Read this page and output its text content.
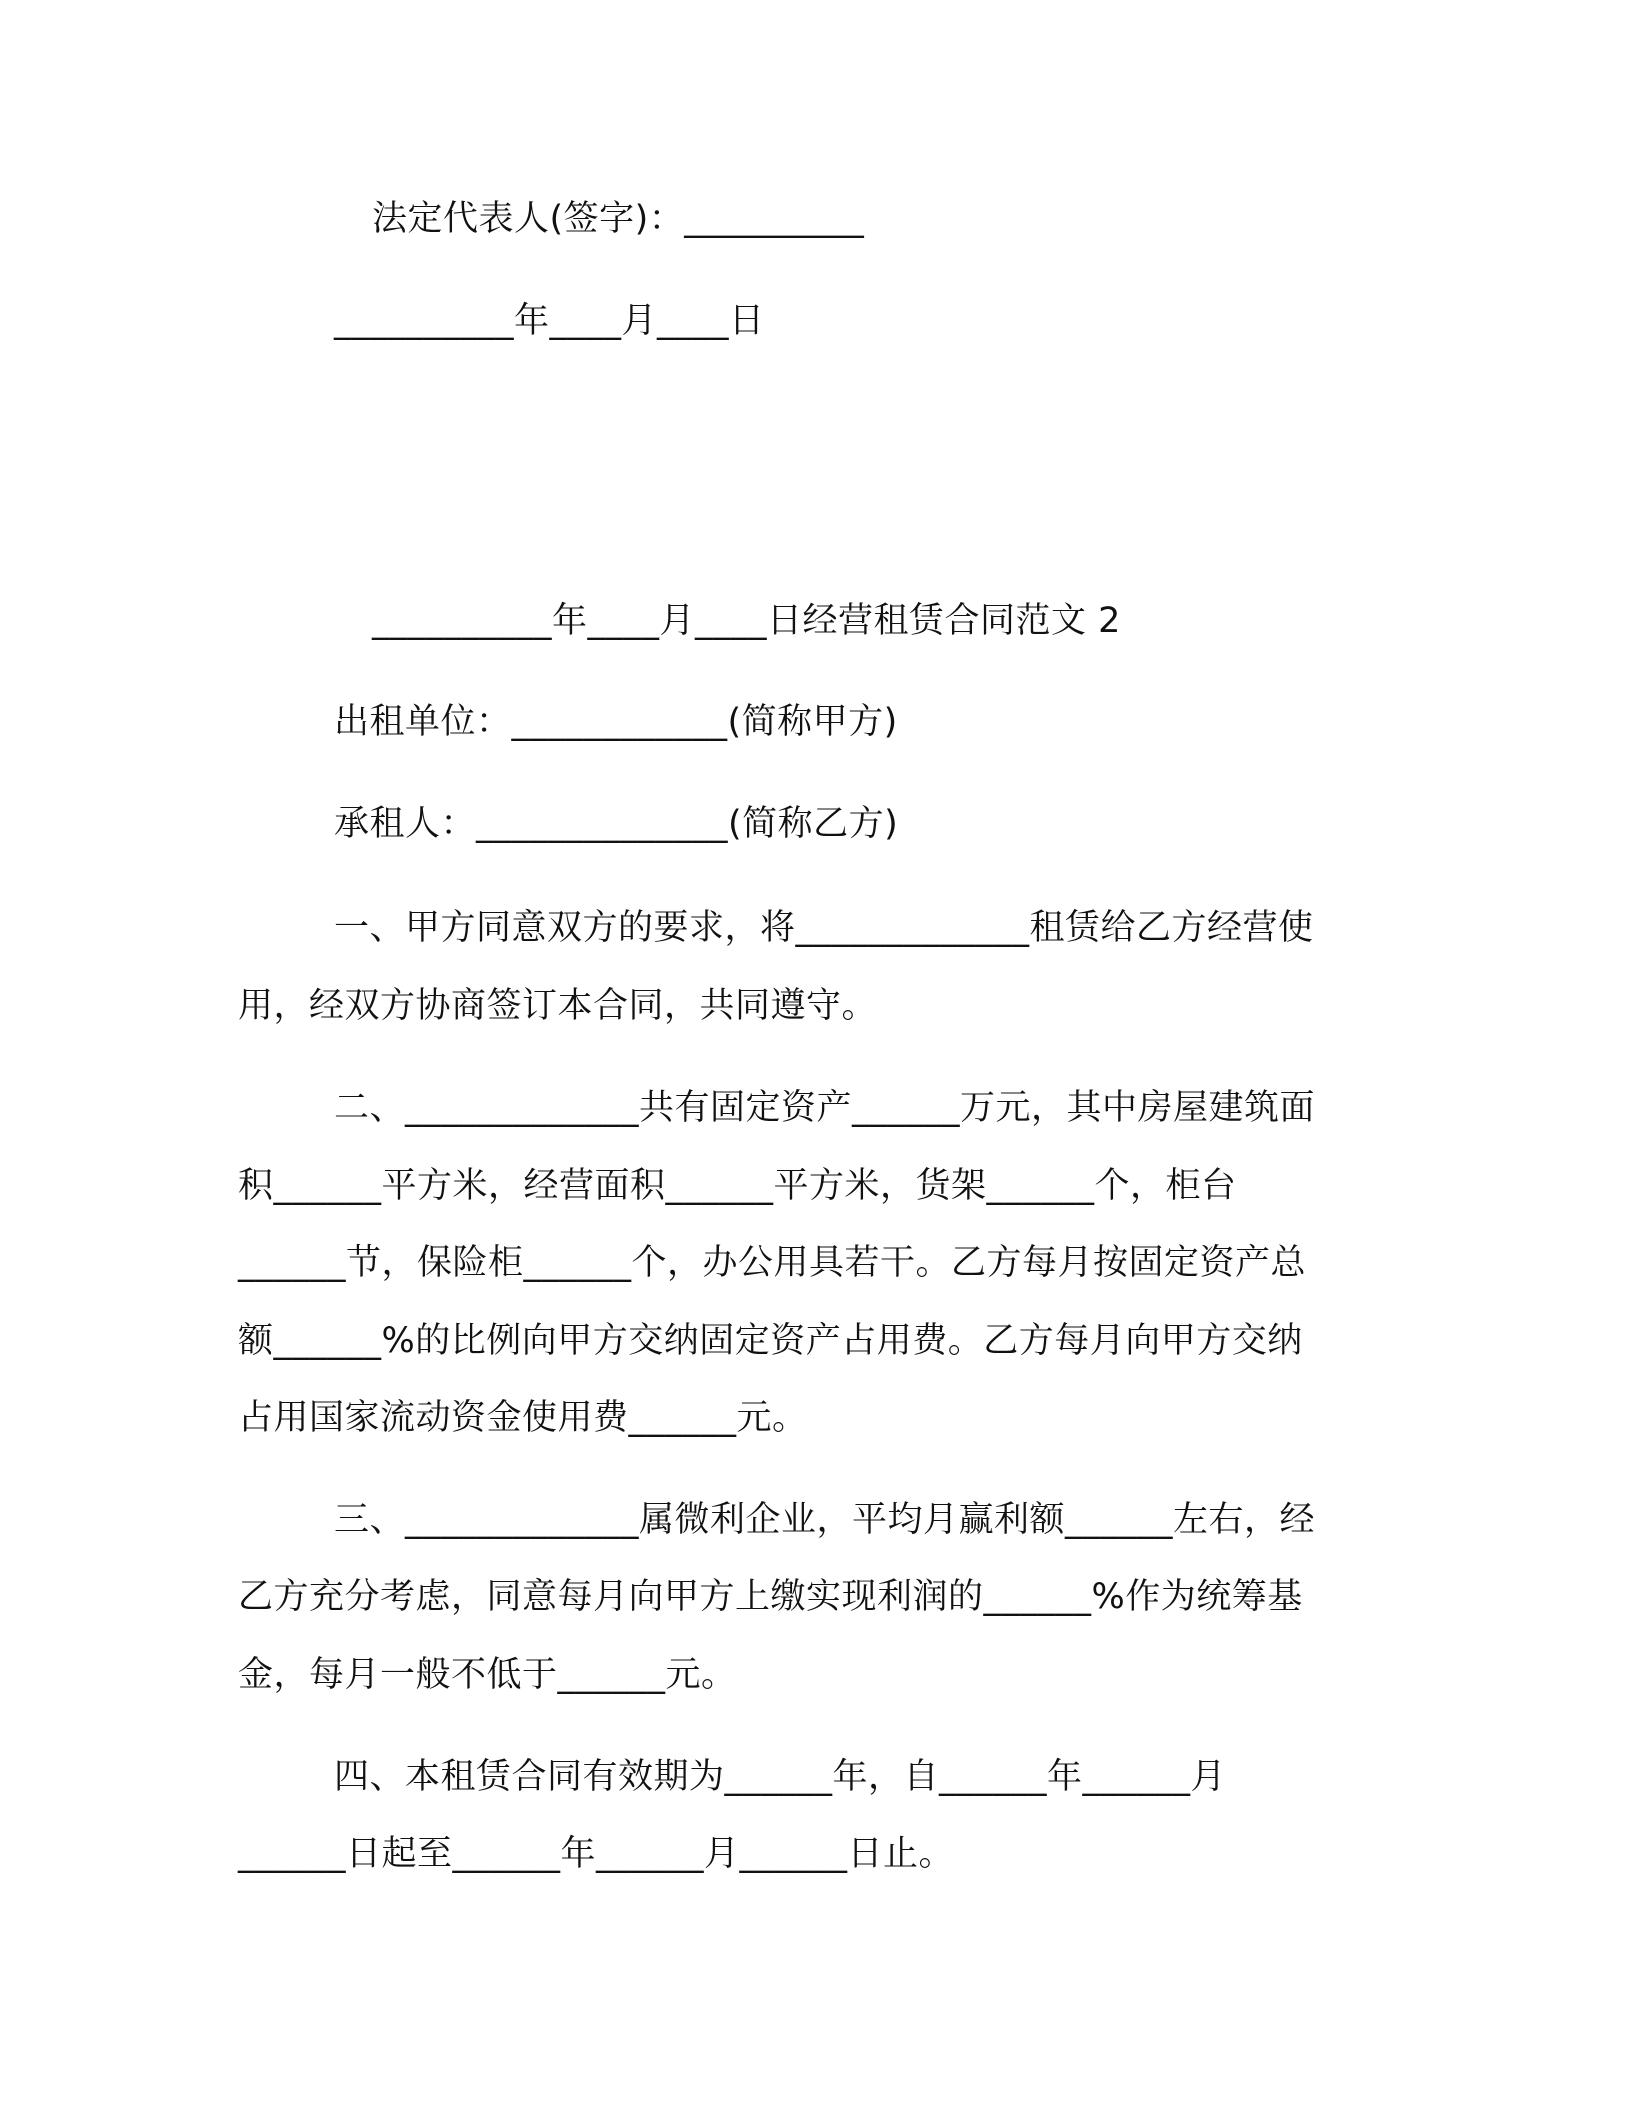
法定代表人(签字)：__________
__________年____月____日
__________年____月____日经营租赁合同范文 2
出租单位：____________(简称甲方)
承租人：______________(简称乙方)
一、甲方同意双方的要求，将_____________租赁给乙方经营使
用，经双方协商签订本合同，共同遵守。
二、_____________共有固定资产______万元，其中房屋建筑面
积______平方米，经营面积______平方米，货架______个，柜台
______节，保险柜______个，办公用具若干。乙方每月按固定资产总
额______%的比例向甲方交纳固定资产占用费。乙方每月向甲方交纳
占用国家流动资金使用费______元。
三、_____________属微利企业，平均月赢利额______左右，经
乙方充分考虑，同意每月向甲方上缴实现利润的______%作为统筹基
金，每月一般不低于______元。
四、本租赁合同有效期为______年，自______年______月
______日起至______年______月______日止。
